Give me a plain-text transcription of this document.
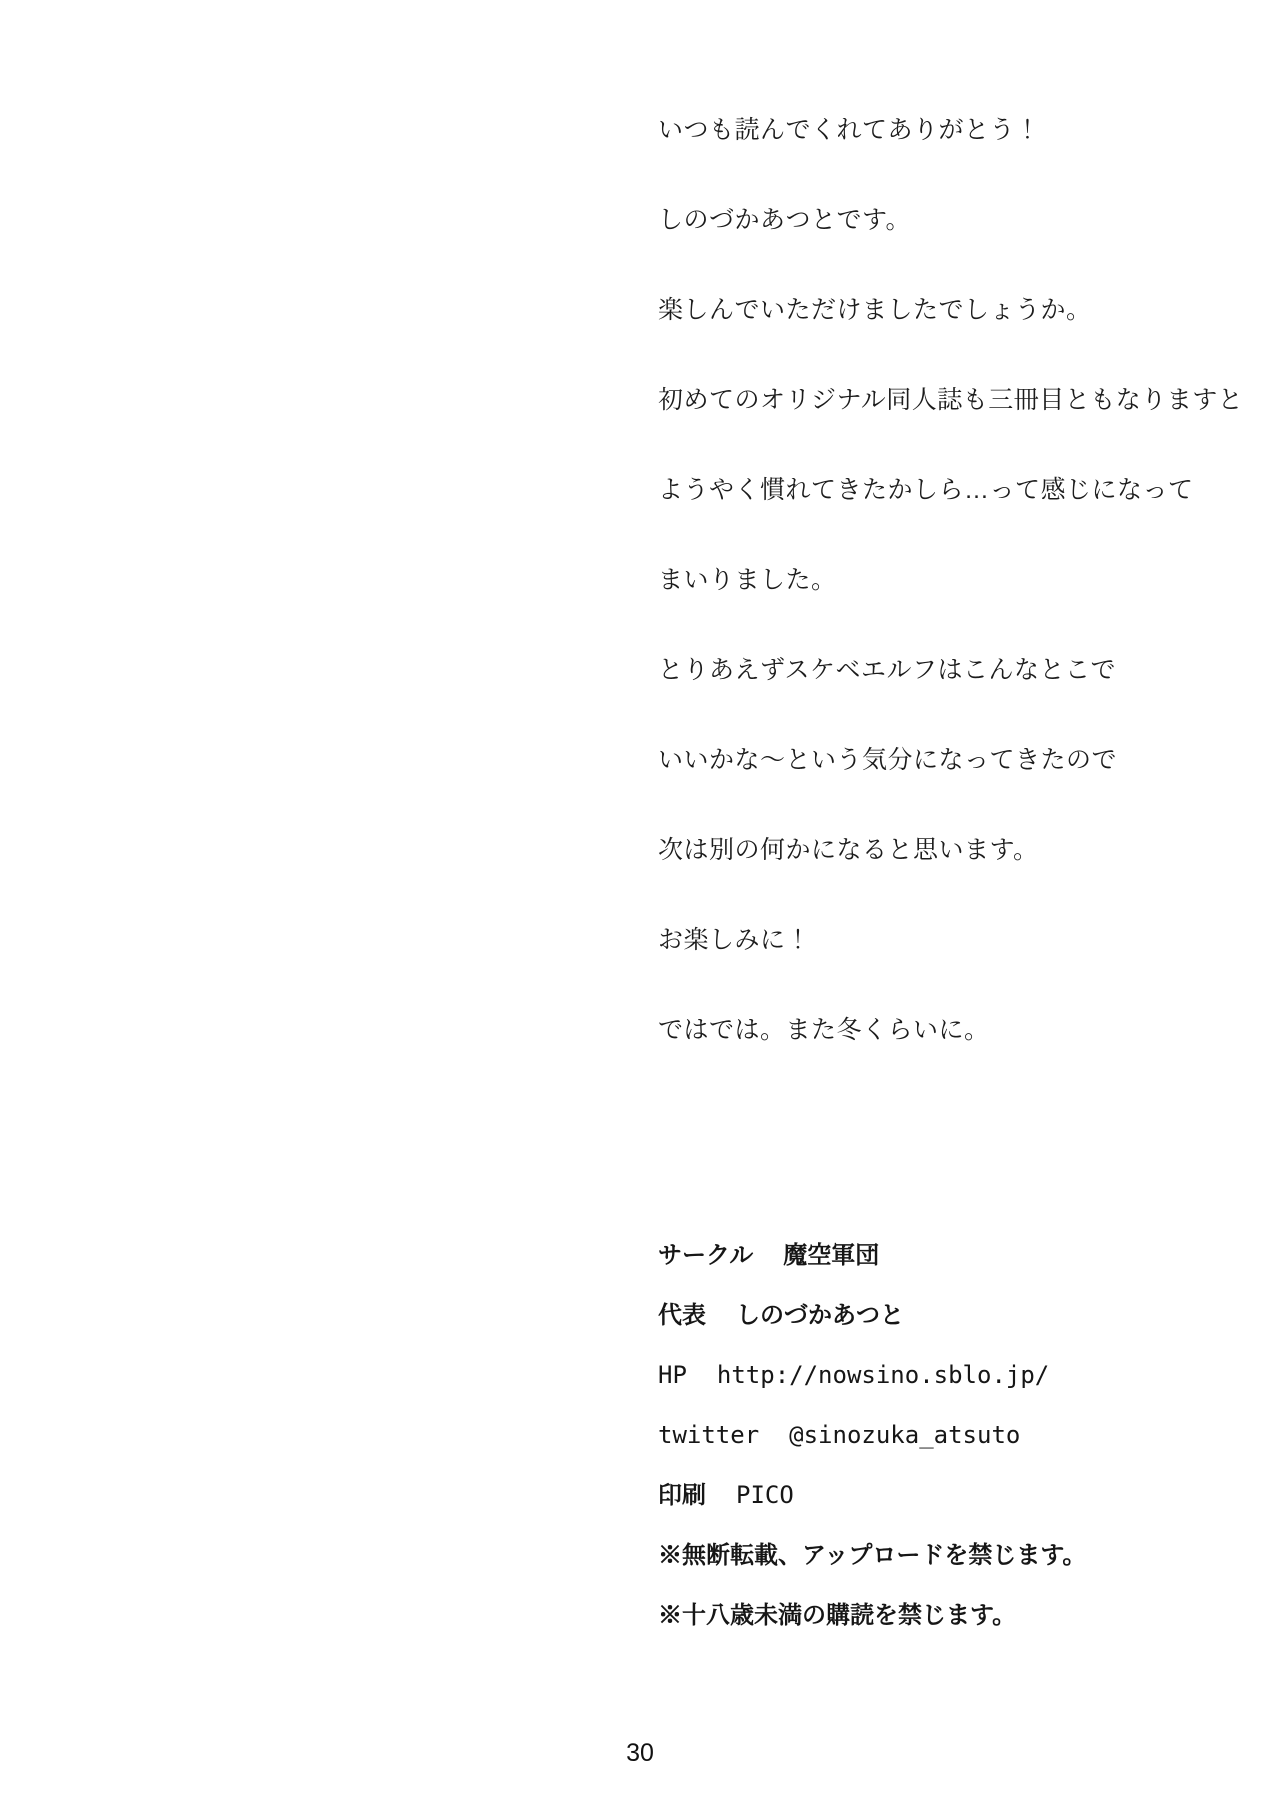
いつも読んでくれてありがとう！
しのづかあつとです。
楽しんでいただけましたでしょうか。
初めてのオリジナル同人誌も三冊目ともなりますと
ようやく慣れてきたかしら…って感じになって
まいりました。
とりあえずスケベエルフはこんなとこで
いいかな～という気分になってきたので
次は別の何かになると思います。
お楽しみに！
ではでは。また冬くらいに。
サークル 魔空軍団
代表 しのづかあつと
HP http://nowsino.sblo.jp/
twitter @sinozuka_atsuto
印刷 PICO
※無断転載、アップロードを禁じます。
※十八歳未満の購読を禁じます。
30
